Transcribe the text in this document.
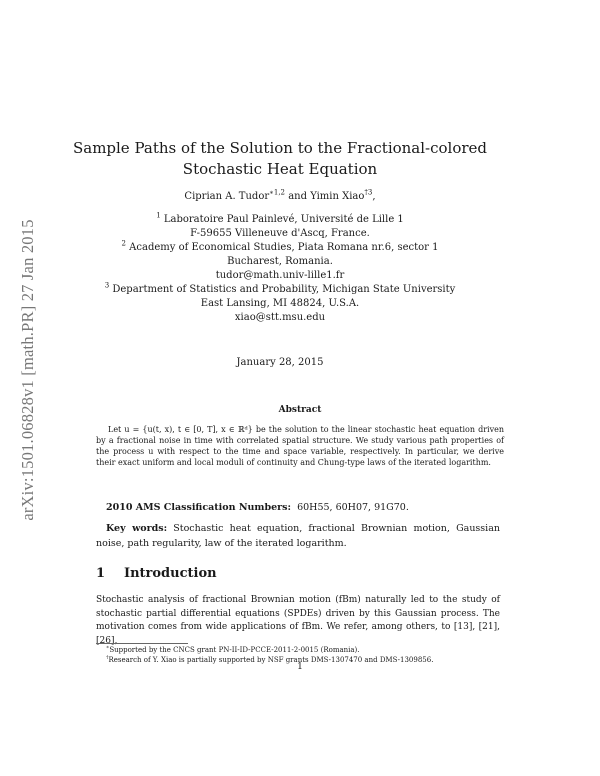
arXiv:1501.06828v1 [math.PR] 27 Jan 2015
Sample Paths of the Solution to the Fractional-colored
Stochastic Heat Equation
Ciprian A. Tudor$^{∗1,2}$ and Yimin Xiao$^{\dagger 3}$,
$^1$ Laboratoire Paul Painlevé, Université de Lille 1
F-59655 Villeneuve d'Ascq, France.
$^2$ Academy of Economical Studies, Piata Romana nr.6, sector 1
Bucharest, Romania.
tudor@math.univ-lille1.fr
$^3$ Department of Statistics and Probability, Michigan State University
East Lansing, MI 48824, U.S.A.
xiao@stt.msu.edu
January 28, 2015
Abstract
Let u = {u(t, x), t ∈ [0, T], x ∈ ℝᵈ} be the solution to the linear stochastic heat equation driven by a fractional noise in time with correlated spatial structure. We study various path properties of the process u with respect to the time and space variable, respectively. In particular, we derive their exact uniform and local moduli of continuity and Chung-type laws of the iterated logarithm.
2010 AMS Classification Numbers: 60H55, 60H07, 91G70.
Key words: Stochastic heat equation, fractional Brownian motion, Gaussian noise, path regularity, law of the iterated logarithm.
1 Introduction
Stochastic analysis of fractional Brownian motion (fBm) naturally led to the study of stochastic partial differential equations (SPDEs) driven by this Gaussian process. The motivation comes from wide applications of fBm. We refer, among others, to [13], [21], [26],
∗Supported by the CNCS grant PN-II-ID-PCCE-2011-2-0015 (Romania).
†Research of Y. Xiao is partially supported by NSF grants DMS-1307470 and DMS-1309856.
1
